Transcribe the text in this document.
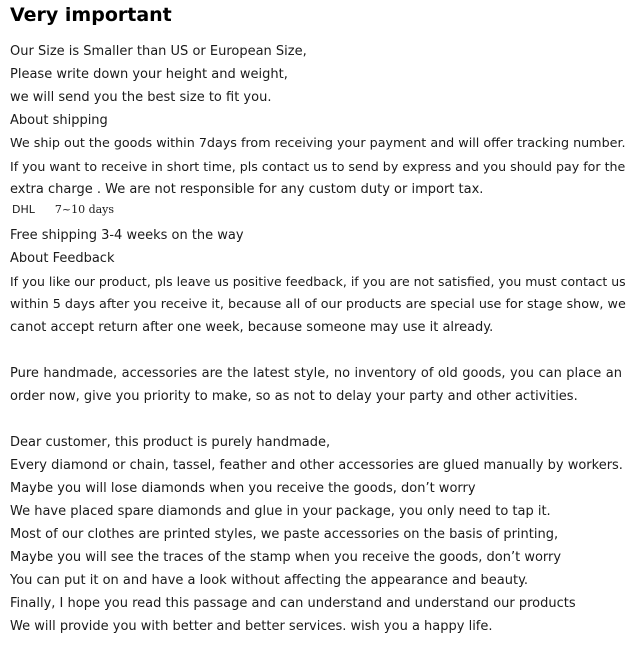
Very important
Our Size is Smaller than US or European Size,
Please write down your height and weight,
we will send you the best size to fit you.
About shipping
We ship out the goods within 7days from receiving your payment and will offer tracking number.
If you want to receive in short time, pls contact us to send by express and you should pay for the
extra charge . We are not responsible for any custom duty or import tax.
DHL 7~10 days
Free shipping 3-4 weeks on the way
About Feedback
If you like our product, pls leave us positive feedback, if you are not satisfied, you must contact us
within 5 days after you receive it, because all of our products are special use for stage show, we
canot accept return after one week, because someone may use it already.
Pure handmade, accessories are the latest style, no inventory of old goods, you can place an
order now, give you priority to make, so as not to delay your party and other activities.
Dear customer, this product is purely handmade,
Every diamond or chain, tassel, feather and other accessories are glued manually by workers.
Maybe you will lose diamonds when you receive the goods, don’t worry
We have placed spare diamonds and glue in your package, you only need to tap it.
Most of our clothes are printed styles, we paste accessories on the basis of printing,
Maybe you will see the traces of the stamp when you receive the goods, don’t worry
You can put it on and have a look without affecting the appearance and beauty.
Finally, I hope you read this passage and can understand and understand our products
We will provide you with better and better services. wish you a happy life.
